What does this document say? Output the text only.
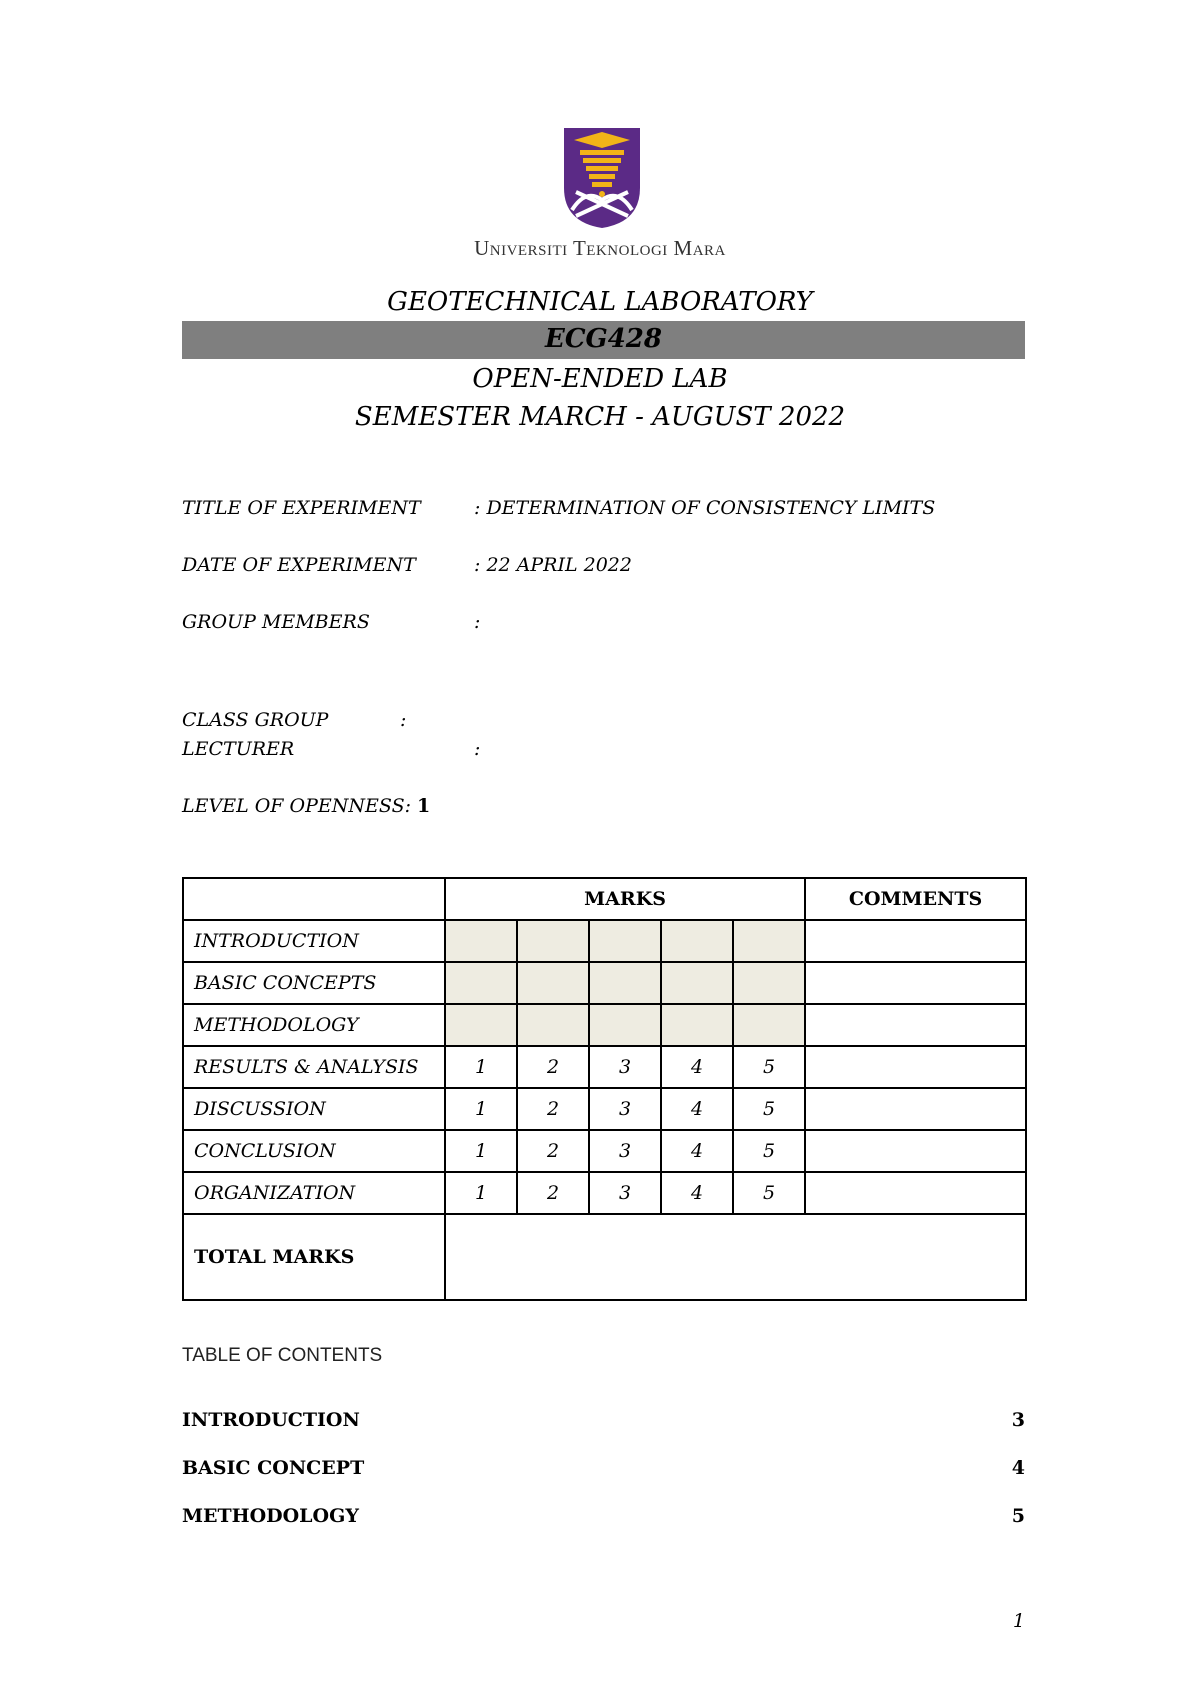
Universiti Teknologi Mara
GEOTECHNICAL LABORATORY
ECG428
OPEN-ENDED LAB
SEMESTER MARCH - AUGUST 2022
TITLE OF EXPERIMENT	: DETERMINATION OF CONSISTENCY LIMITS
DATE OF EXPERIMENT	: 22 APRIL 2022
GROUP MEMBERS	:
CLASS GROUP	:
LECTURER	:
LEVEL OF OPENNESS: 1
	MARKS					COMMENTS
INTRODUCTION						
BASIC CONCEPTS						
METHODOLOGY						
RESULTS & ANALYSIS	1	2	3	4	5	
DISCUSSION	1	2	3	4	5	
CONCLUSION	1	2	3	4	5	
ORGANIZATION	1	2	3	4	5	
TOTAL MARKS						
TABLE OF CONTENTS
INTRODUCTION	3
BASIC CONCEPT	4
METHODOLOGY	5
1
